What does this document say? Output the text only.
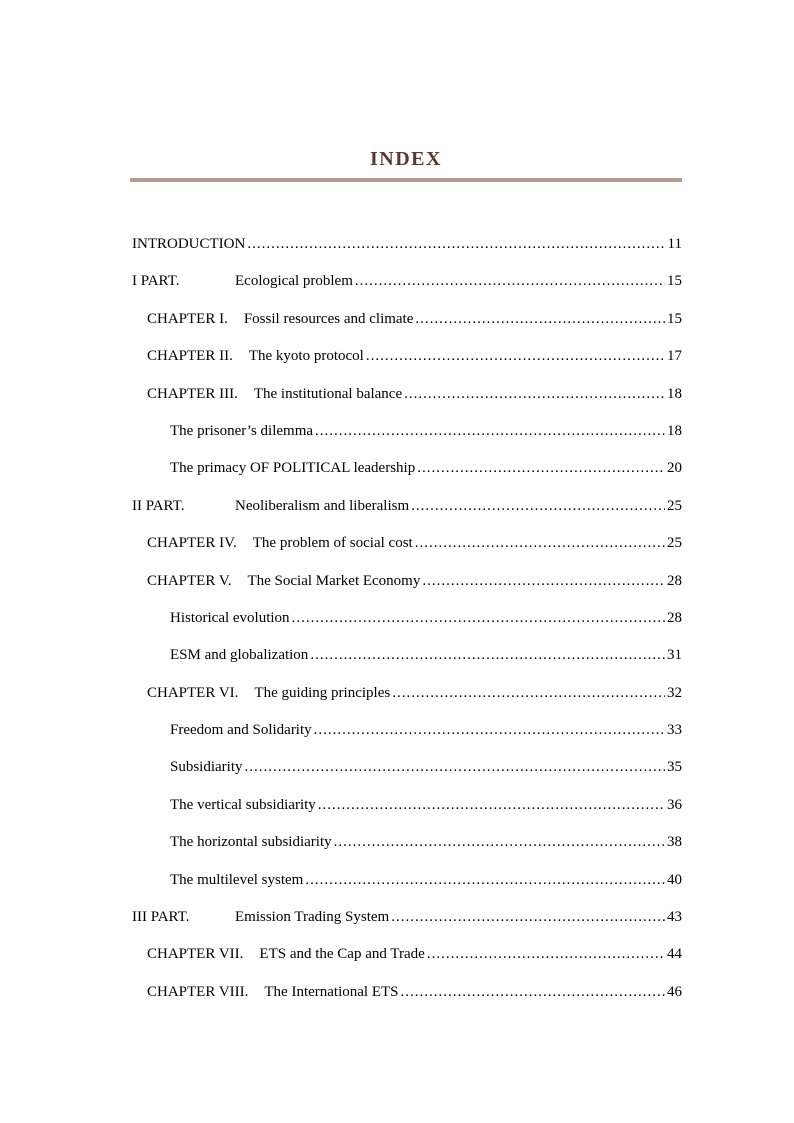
INDEX
INTRODUCTION .....	11
I PART.	Ecological problem .....	15
CHAPTER I. Fossil resources and climate .....	15
CHAPTER II. The kyoto protocol .....	17
CHAPTER III. The institutional balance .....	18
The prisoner’s dilemma .....	18
The primacy OF POLITICAL leadership .....	20
II PART.	Neoliberalism and liberalism .....	25
CHAPTER IV. The problem of social cost .....	25
CHAPTER V. The Social Market Economy .....	28
Historical evolution .....	28
ESM and globalization .....	31
CHAPTER VI. The guiding principles .....	32
Freedom and Solidarity .....	33
Subsidiarity .....	35
The vertical subsidiarity .....	36
The horizontal subsidiarity .....	38
The multilevel system .....	40
III PART.	Emission Trading System .....	43
CHAPTER VII. ETS and the Cap and Trade .....	44
CHAPTER VIII. The International ETS .....	46
